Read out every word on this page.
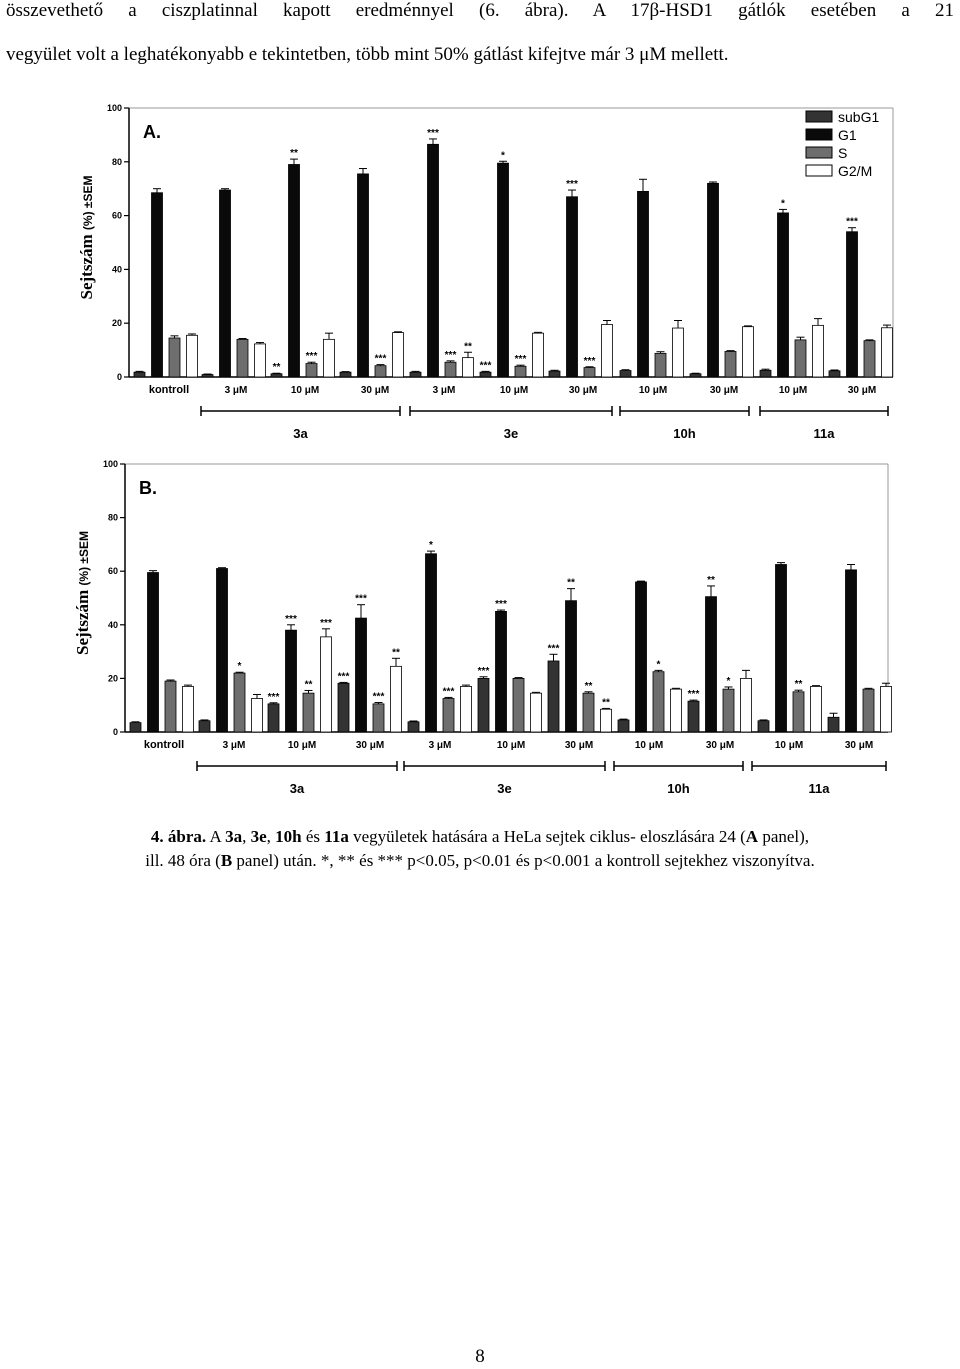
összevethető a ciszplatinnal kapott eredménnyel (6. ábra). A 17β-HSD1 gátlók esetében a 21
vegyület volt a leghatékonyabb e tekintetben, több mint 50% gátlást kifejtve már 3 μM mellett.
0
20
40
60
80
100
Sejtszám (%) ±SEM
A.
kontroll	3 μM
**
***
10 μM
***
30 μM
***
***
**
3 μM
*
***
10 μM
***
30 μM	10 μM	30 μM
*
10 μM
***
30 μM
**	***
***
3a	3e	10h	11a
subG1
G1
S
G2/M
0
20
40
60
80
100
Sejtszám (%) ±SEM
B.
kontroll
*
3 μM
***
***
**
***
10 μM
***
***
***
**
30 μM
*
***
3 μM
***
***
10 μM
***
**
**
**
30 μM
*
10 μM
***
**
*
30 μM
**
10 μM	30 μM
3a	3e	10h	11a
4. ábra. A 3a, 3e, 10h és 11a vegyületek hatására a HeLa sejtek ciklus- eloszlására 24 (A panel),
ill. 48 óra (B panel) után. *, ** és *** p<0.05, p<0.01 és p<0.001 a kontroll sejtekhez viszonyítva.
8
